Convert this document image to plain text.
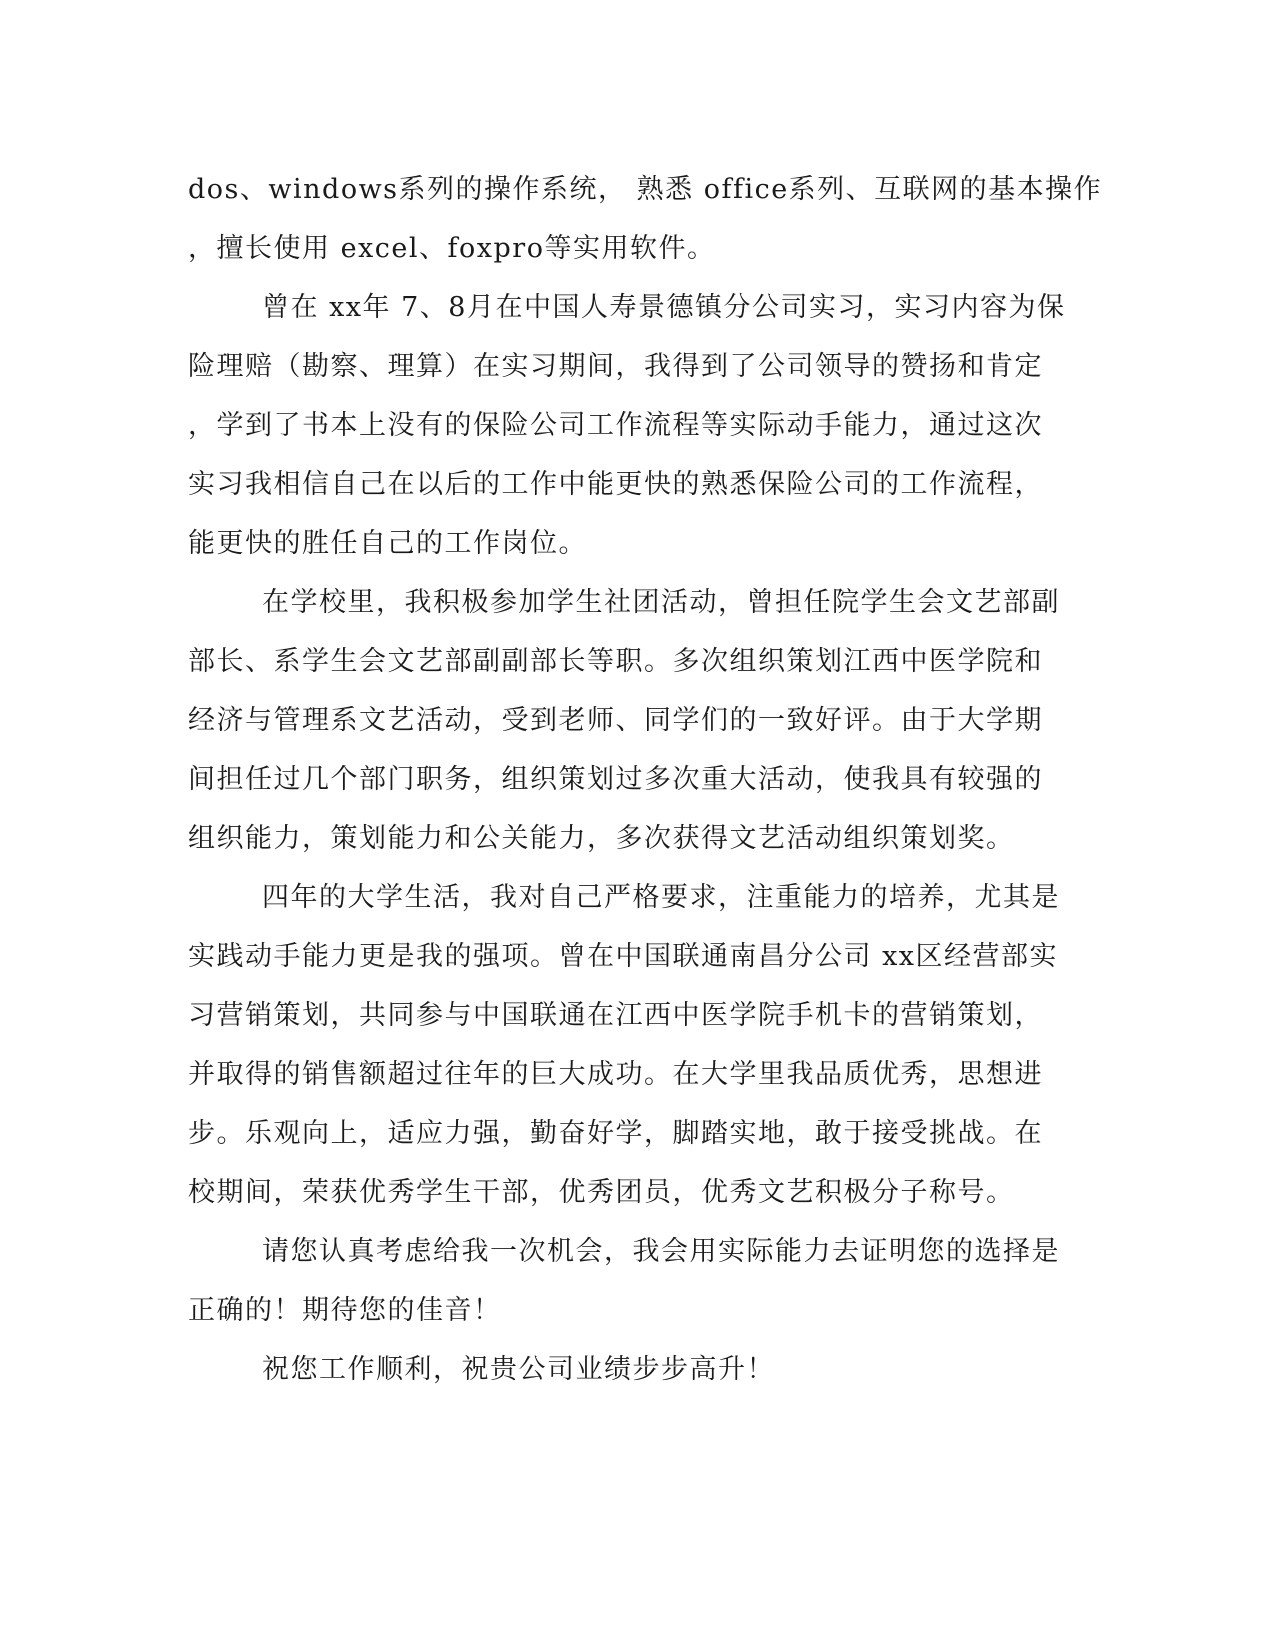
dos、windows系列的操作系统， 熟悉 office系列、互联网的基本操作
，擅长使用 excel、foxpro等实用软件。
曾在 xx年 7、8月在中国人寿景德镇分公司实习，实习内容为保
险理赔（勘察、理算）在实习期间，我得到了公司领导的赞扬和肯定
，学到了书本上没有的保险公司工作流程等实际动手能力，通过这次
实习我相信自己在以后的工作中能更快的熟悉保险公司的工作流程，
能更快的胜任自己的工作岗位。
在学校里，我积极参加学生社团活动，曾担任院学生会文艺部副
部长、系学生会文艺部副副部长等职。多次组织策划江西中医学院和
经济与管理系文艺活动，受到老师、同学们的一致好评。由于大学期
间担任过几个部门职务，组织策划过多次重大活动，使我具有较强的
组织能力，策划能力和公关能力，多次获得文艺活动组织策划奖。
四年的大学生活，我对自己严格要求，注重能力的培养，尤其是
实践动手能力更是我的强项。曾在中国联通南昌分公司 xx区经营部实
习营销策划，共同参与中国联通在江西中医学院手机卡的营销策划，
并取得的销售额超过往年的巨大成功。在大学里我品质优秀，思想进
步。乐观向上，适应力强，勤奋好学，脚踏实地，敢于接受挑战。在
校期间，荣获优秀学生干部，优秀团员，优秀文艺积极分子称号。
请您认真考虑给我一次机会，我会用实际能力去证明您的选择是
正确的！期待您的佳音！
祝您工作顺利，祝贵公司业绩步步高升！
